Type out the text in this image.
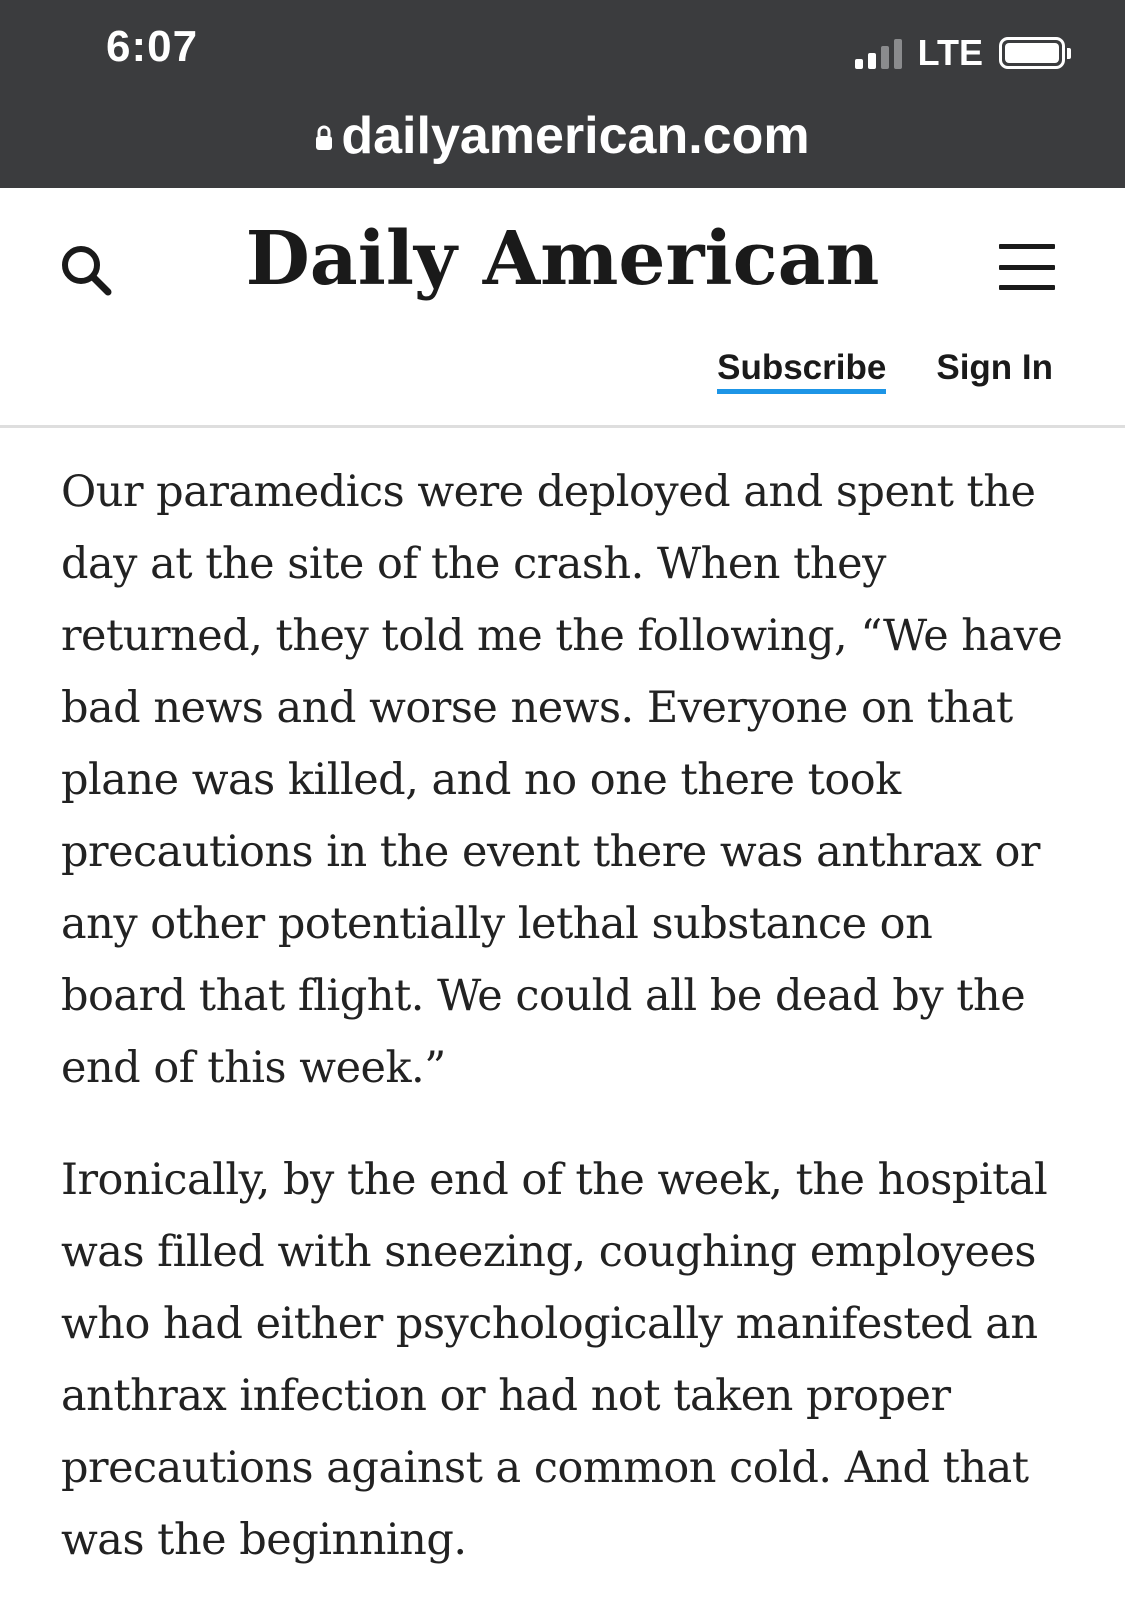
6:07	LTE
dailyamerican.com
Daily American
Subscribe Sign In

Our paramedics were deployed and spent the day at the site of the crash. When they returned, they told me the following, “We have bad news and worse news. Everyone on that plane was killed, and no one there took precautions in the event there was anthrax or any other potentially lethal substance on board that flight. We could all be dead by the end of this week.”

Ironically, by the end of the week, the hospital was filled with sneezing, coughing employees who had either psychologically manifested an anthrax infection or had not taken proper precautions against a common cold. And that was the beginning.
